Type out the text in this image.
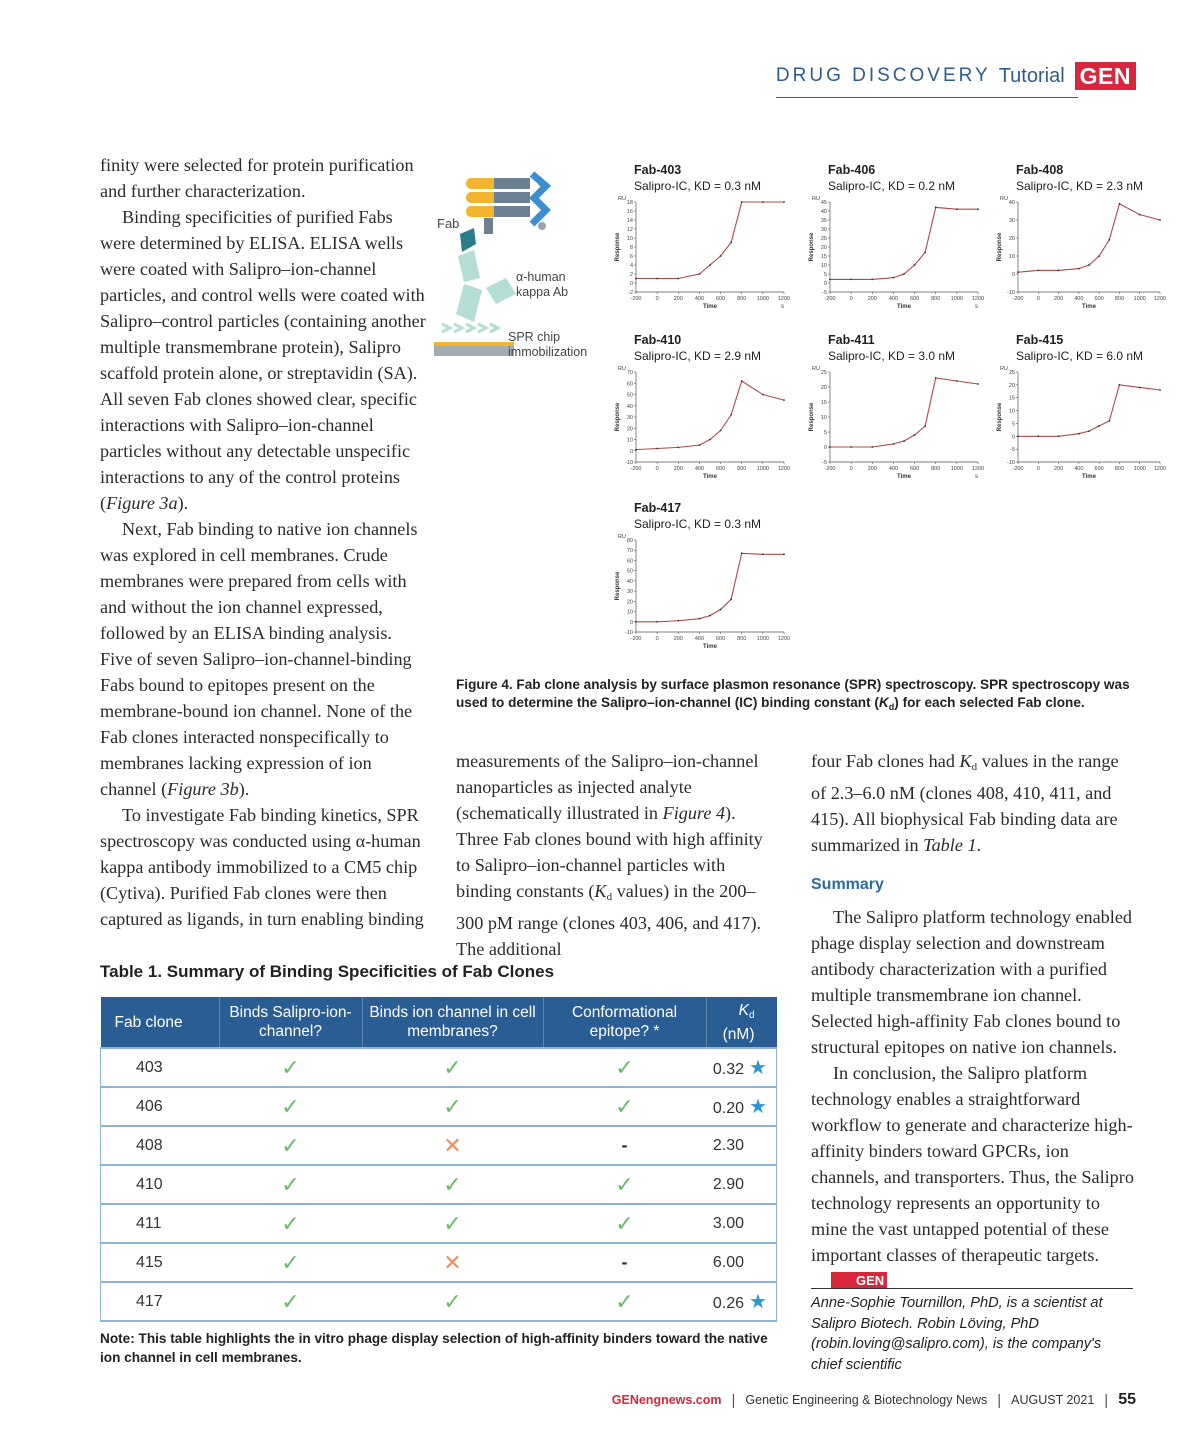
DRUG DISCOVERY Tutorial GEN

finity were selected for protein purification and further characterization.

Binding specificities of purified Fabs were determined by ELISA. ELISA wells were coated with Salipro–ion-channel particles, and control wells were coated with Salipro–control particles (containing another multiple transmembrane protein), Salipro scaffold protein alone, or streptavidin (SA). All seven Fab clones showed clear, specific interactions with Salipro–ion-channel particles without any detectable unspecific interactions to any of the control proteins (Figure 3a).

Next, Fab binding to native ion channels was explored in cell membranes. Crude membranes were prepared from cells with and without the ion channel expressed, followed by an ELISA binding analysis. Five of seven Salipro–ion-channel-binding Fabs bound to epitopes present on the membrane-bound ion channel. None of the Fab clones interacted nonspecifically to membranes lacking expression of ion channel (Figure 3b).

To investigate Fab binding kinetics, SPR spectroscopy was conducted using α-human kappa antibody immobilized to a CM5 chip (Cytiva). Purified Fab clones were then captured as ligands, in turn enabling binding

measurements of the Salipro–ion-channel nanoparticles as injected analyte (schematically illustrated in Figure 4). Three Fab clones bound with high affinity to Salipro–ion-channel particles with binding constants ($K_d$ values) in the 200–300 pM range (clones 403, 406, and 417). The additional

four Fab clones had $K_d$ values in the range of 2.3–6.0 nM (clones 408, 410, 411, and 415). All biophysical Fab binding data are summarized in Table 1.

Summary

The Salipro platform technology enabled phage display selection and downstream antibody characterization with a purified multiple transmembrane ion channel. Selected high-affinity Fab clones bound to structural epitopes on native ion channels.

In conclusion, the Salipro platform technology enables a straightforward workflow to generate and characterize high-affinity binders toward GPCRs, ion channels, and transporters. Thus, the Salipro technology represents an opportunity to mine the vast untapped potential of these important classes of therapeutic targets.GEN

Anne-Sophie Tournillon, PhD, is a scientist at Salipro Biotech. Robin Löving, PhD (robin.loving@salipro.com), is the company's chief scientific
Fab
α-human kappa Ab
SPR chip immobilization
Fab-403
Salipro-IC, KD = 0.3 nM
RU
-2
0
2
4
6
8
10
12
14
16
18
-200	0	200 400 600 800 1000 1200
Time	s
Response
Fab-406
Salipro-IC, KD = 0.2 nM
RU
-5
0
5
10
15
20
25
30
35
40
45
-200	0	200 400 600 800 1000 1200
Time	s
Response
Fab-408
Salipro-IC, KD = 2.3 nM
RU
-10
0
10
20
30
40
-200 0	200 400 600 800 1000 1200
Time
Response
Fab-410
Salipro-IC, KD = 2.9 nM
RU
-10
0
10
20
30
40
50
60
70
-200	0	200 400 600 800 1000 1200
Time
Response
Fab-411
Salipro-IC, KD = 3.0 nM
RU
-5
0
5
10
15
20
25
-200	0	200 400 600 800 1000 1200
Time	s
Response
Fab-415
Salipro-IC, KD = 6.0 nM
RU
-10
-5
0
5
10
15
20
25
-200 0	200 400 600 800 1000 1200
Time
Response
Fab-417
Salipro-IC, KD = 0.3 nM
RU
-10
0
10
20
30
40
50
60
70
80
-200	0	200 400 600 800 1000 1200
Time
Response
Figure 4. Fab clone analysis by surface plasmon resonance (SPR) spectroscopy. SPR spectroscopy was used to determine the Salipro–ion-channel (IC) binding constant $(K_d)$ for each selected Fab clone.
Table 1. Summary of Binding Specificities of Fab Clones
Fab clone	Binds Salipro-ion-channel?	Binds ion channel in cell membranes?	Conformational epitope? *	$K_d$ (nM)
403	✓	✓	✓	0.32 ★
406	✓	✓	✓	0.20 ★
408	✓	✕	-	2.30
410	✓	✓	✓	2.90
411	✓	✓	✓	3.00
415	✓	✕	-	6.00
417	✓	✓	✓	0.26 ★
Note: This table highlights the in vitro phage display selection of high-affinity binders toward the native ion channel in cell membranes.
GENengnews.com | Genetic Engineering & Biotechnology News | AUGUST 2021 | 55
